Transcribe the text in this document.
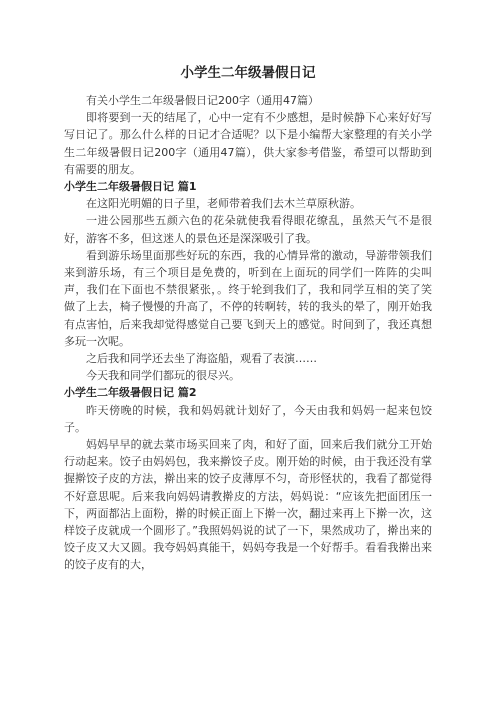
小学生二年级暑假日记

有关小学生二年级暑假日记200字（通用47篇）

即将要到一天的结尾了，心中一定有不少感想，是时候静下心来好好写写日记了。那么什么样的日记才合适呢？以下是小编帮大家整理的有关小学生二年级暑假日记200字（通用47篇），供大家参考借鉴，希望可以帮助到有需要的朋友。

小学生二年级暑假日记 篇1

在这阳光明媚的日子里，老师带着我们去木兰草原秋游。

一进公园那些五颜六色的花朵就使我看得眼花缭乱，虽然天气不是很好，游客不多，但这迷人的景色还是深深吸引了我。

看到游乐场里面那些好玩的东西，我的心情异常的激动，导游带领我们来到游乐场，有三个项目是免费的，听到在上面玩的同学们一阵阵的尖叫声，我们在下面也不禁很紧张，。终于轮到我们了，我和同学互相的笑了笑做了上去，椅子慢慢的升高了，不停的转啊转，转的我头的晕了，刚开始我有点害怕，后来我却觉得感觉自己要飞到天上的感觉。时间到了，我还真想多玩一次呢。

之后我和同学还去坐了海盗船，观看了表演……

今天我和同学们都玩的很尽兴。

小学生二年级暑假日记 篇2

昨天傍晚的时候，我和妈妈就计划好了，今天由我和妈妈一起来包饺子。

妈妈早早的就去菜市场买回来了肉，和好了面，回来后我们就分工开始行动起来。饺子由妈妈包，我来擀饺子皮。刚开始的时候，由于我还没有掌握擀饺子皮的方法，擀出来的饺子皮薄厚不匀，奇形怪状的，我看了都觉得不好意思呢。后来我向妈妈请教擀皮的方法，妈妈说：“应该先把面团压一下，两面都沾上面粉，擀的时候正面上下擀一次，翻过来再上下擀一次，这样饺子皮就成一个圆形了。”我照妈妈说的试了一下，果然成功了，擀出来的饺子皮又大又圆。我夸妈妈真能干，妈妈夸我是一个好帮手。看看我擀出来的饺子皮有的大，
